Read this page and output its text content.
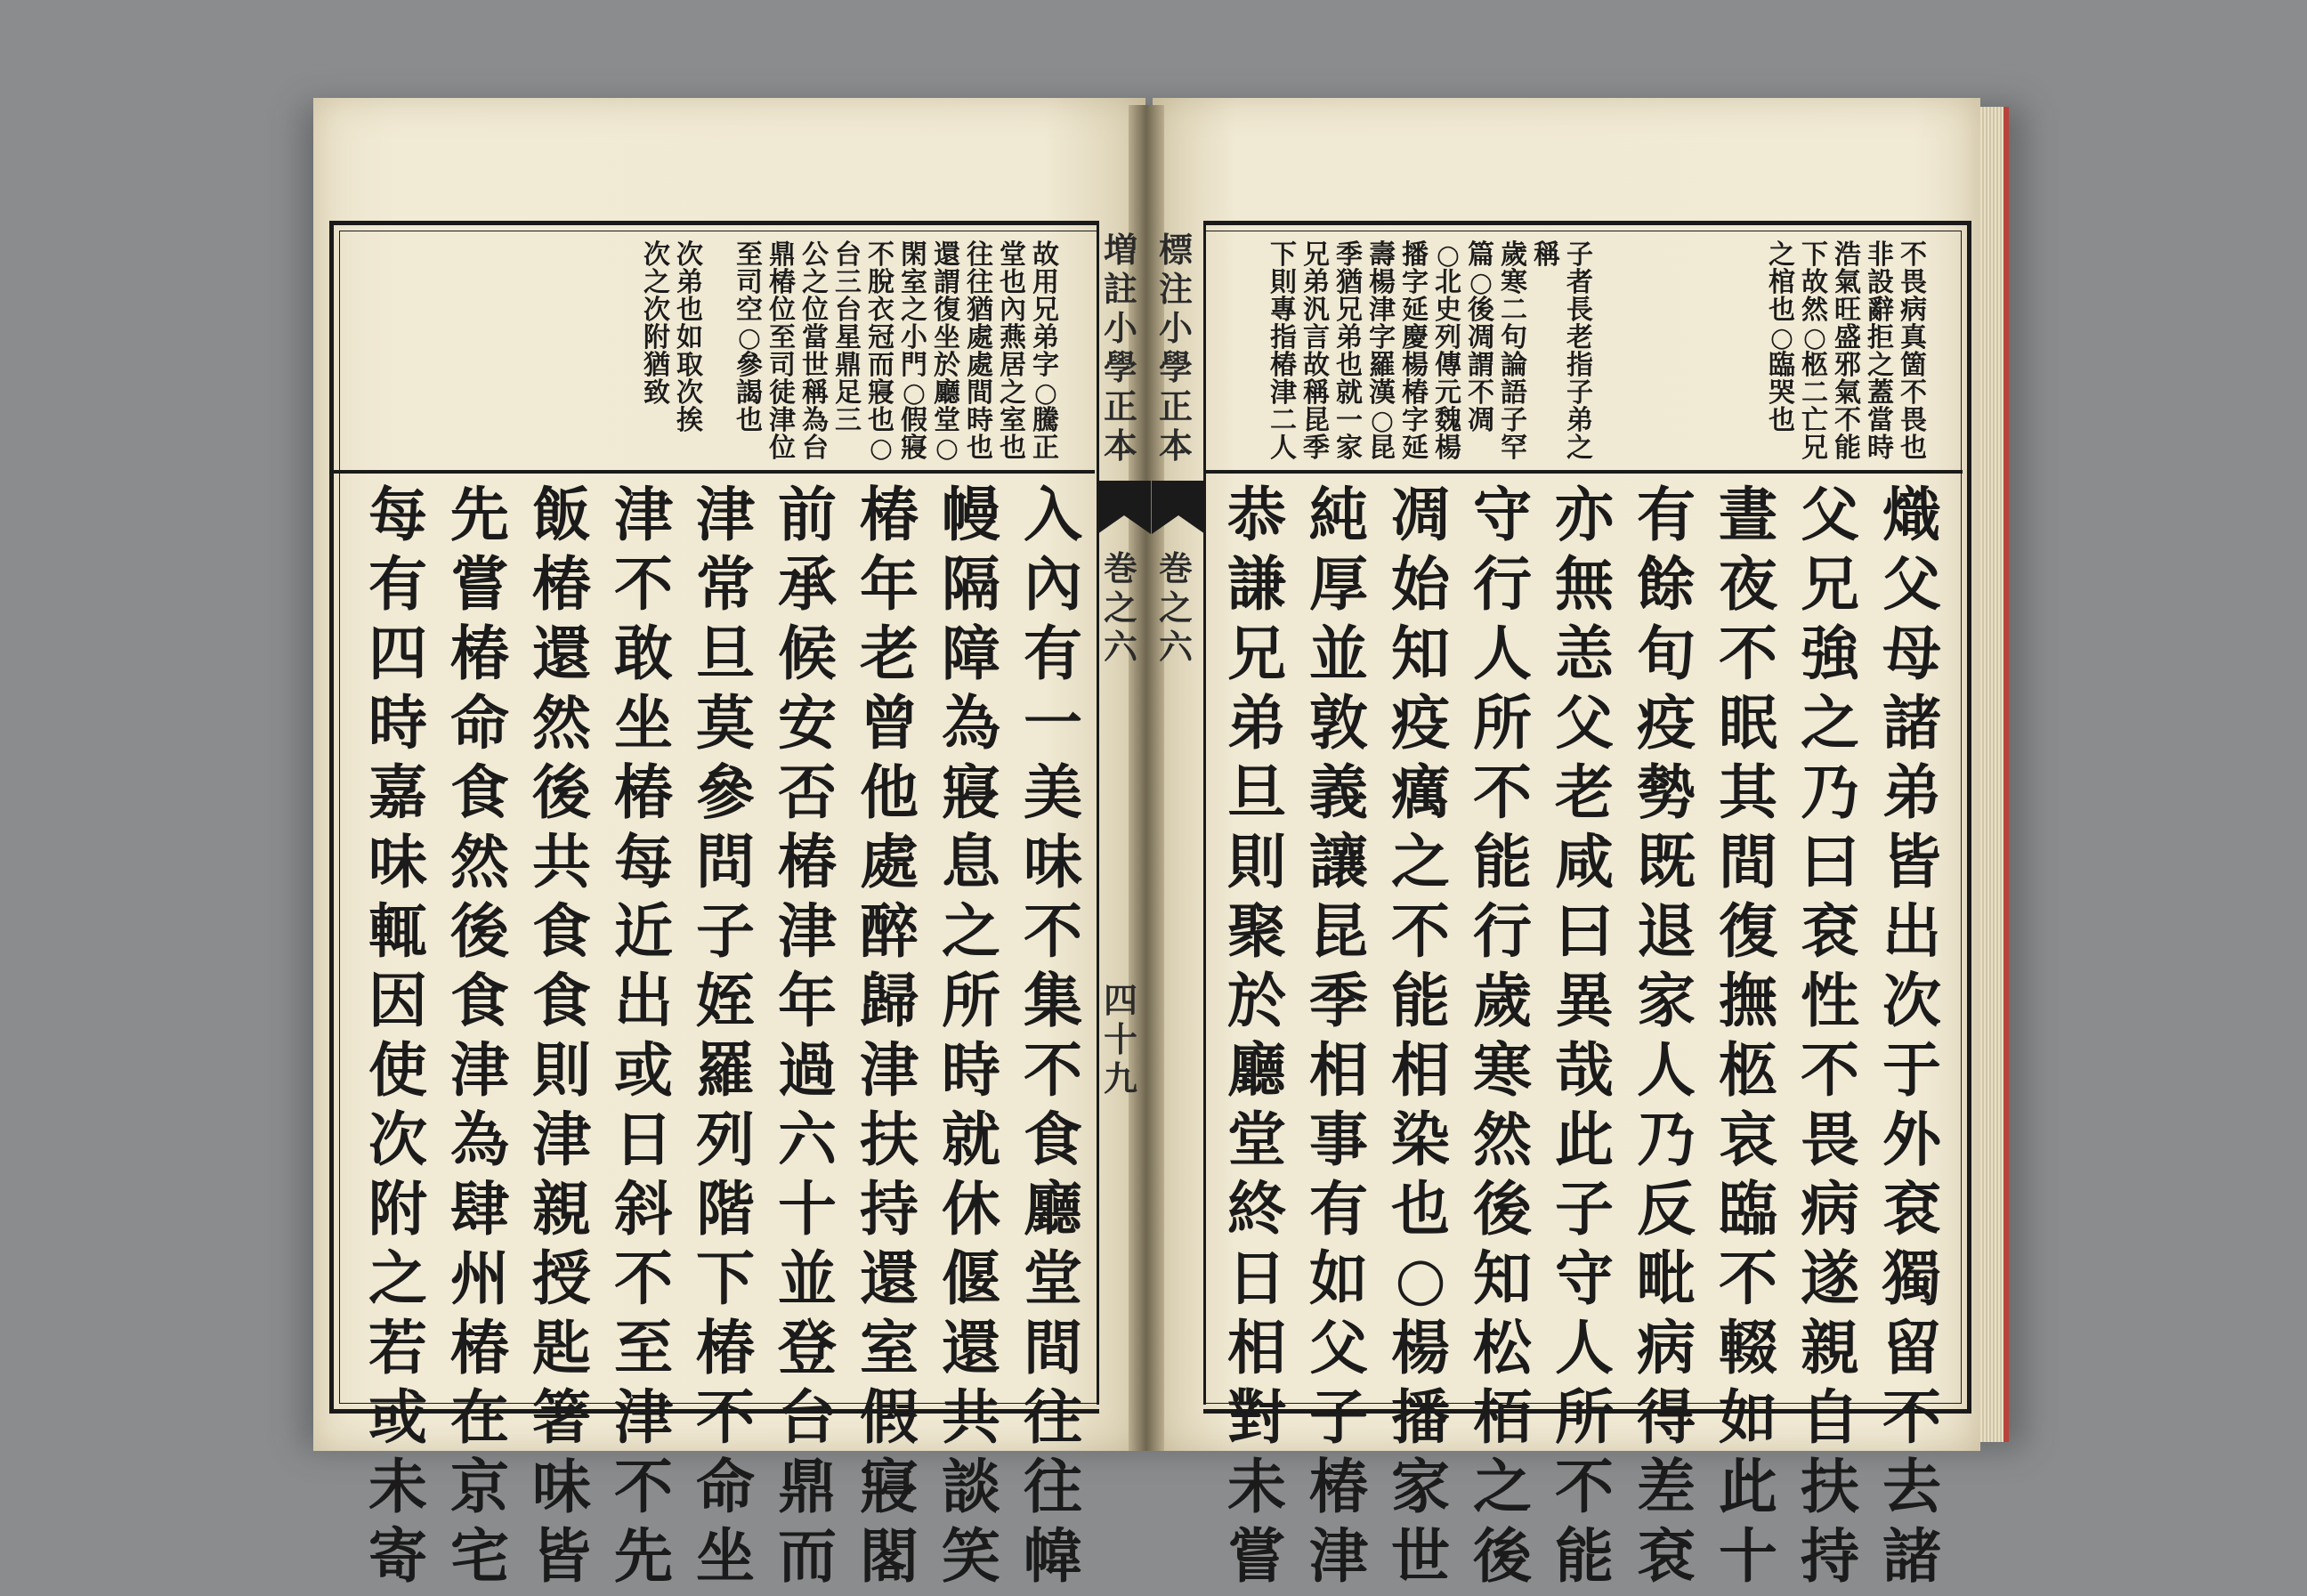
増
註
小
學
正
本
巻
之
六
四
十
九
標
注
小
學
正
本
巻
之
六
故
用
兄
弟
字
○
騰
正
堂
也
內
燕
居
之
室
也
往
往
猶
處
處
間
時
也
還
謂
復
坐
於
廳
堂
○
閑
室
之
小
門
○
假
寢
不
脫
衣
冠
而
寢
也
○
台
三
台
星
鼎
足
三
公
之
位
當
世
稱
為
台
鼎
椿
位
至
司
徒
津
位
至
司
空
○
參
謁
也
次
弟
也
如
取
次
挨
次
之
次
附
猶
致
入
內
有
一
美
味
不
集
不
食
廳
堂
間
往
往
幃
幔
隔
障
為
寢
息
之
所
時
就
休
偃
還
共
談
笑
椿
年
老
曾
他
處
醉
歸
津
扶
持
還
室
假
寢
閣
前
承
候
安
否
椿
津
年
過
六
十
並
登
台
鼎
而
津
常
旦
莫
參
問
子
姪
羅
列
階
下
椿
不
命
坐
津
不
敢
坐
椿
每
近
出
或
日
斜
不
至
津
不
先
飯
椿
還
然
後
共
食
食
則
津
親
授
匙
箸
味
皆
先
嘗
椿
命
食
然
後
食
津
為
肆
州
椿
在
京
宅
每
有
四
時
嘉
味
輒
因
使
次
附
之
若
或
未
寄
不
畏
病
真
箇
不
畏
也
非
設
辭
拒
之
蓋
當
時
浩
氣
旺
盛
邪
氣
不
能
下
故
然
○
柩
二
亡
兄
之
棺
也
○
臨
哭
也
子
者
長
老
指
子
弟
之
稱
歲
寒
二
句
論
語
子
罕
篇
○
後
凋
謂
不
凋
○
北
史
列
傳
元
魏
楊
播
字
延
慶
楊
椿
字
延
壽
楊
津
字
羅
漢
○
昆
季
猶
兄
弟
也
就
一
家
兄
弟
汎
言
故
稱
昆
季
下
則
專
指
椿
津
二
人
熾
父
母
諸
弟
皆
出
次
于
外
袞
獨
留
不
去
諸
父
兄
強
之
乃
曰
袞
性
不
畏
病
遂
親
自
扶
持
晝
夜
不
眠
其
間
復
撫
柩
哀
臨
不
輟
如
此
十
有
餘
旬
疫
勢
既
退
家
人
乃
反
毗
病
得
差
袞
亦
無
恙
父
老
咸
曰
異
哉
此
子
守
人
所
不
能
守
行
人
所
不
能
行
歲
寒
然
後
知
松
栢
之
後
凋
始
知
疫
癘
之
不
能
相
染
也
○
楊
播
家
世
純
厚
並
敦
義
讓
昆
季
相
事
有
如
父
子
椿
津
恭
謙
兄
弟
旦
則
聚
於
廳
堂
終
日
相
對
未
嘗
